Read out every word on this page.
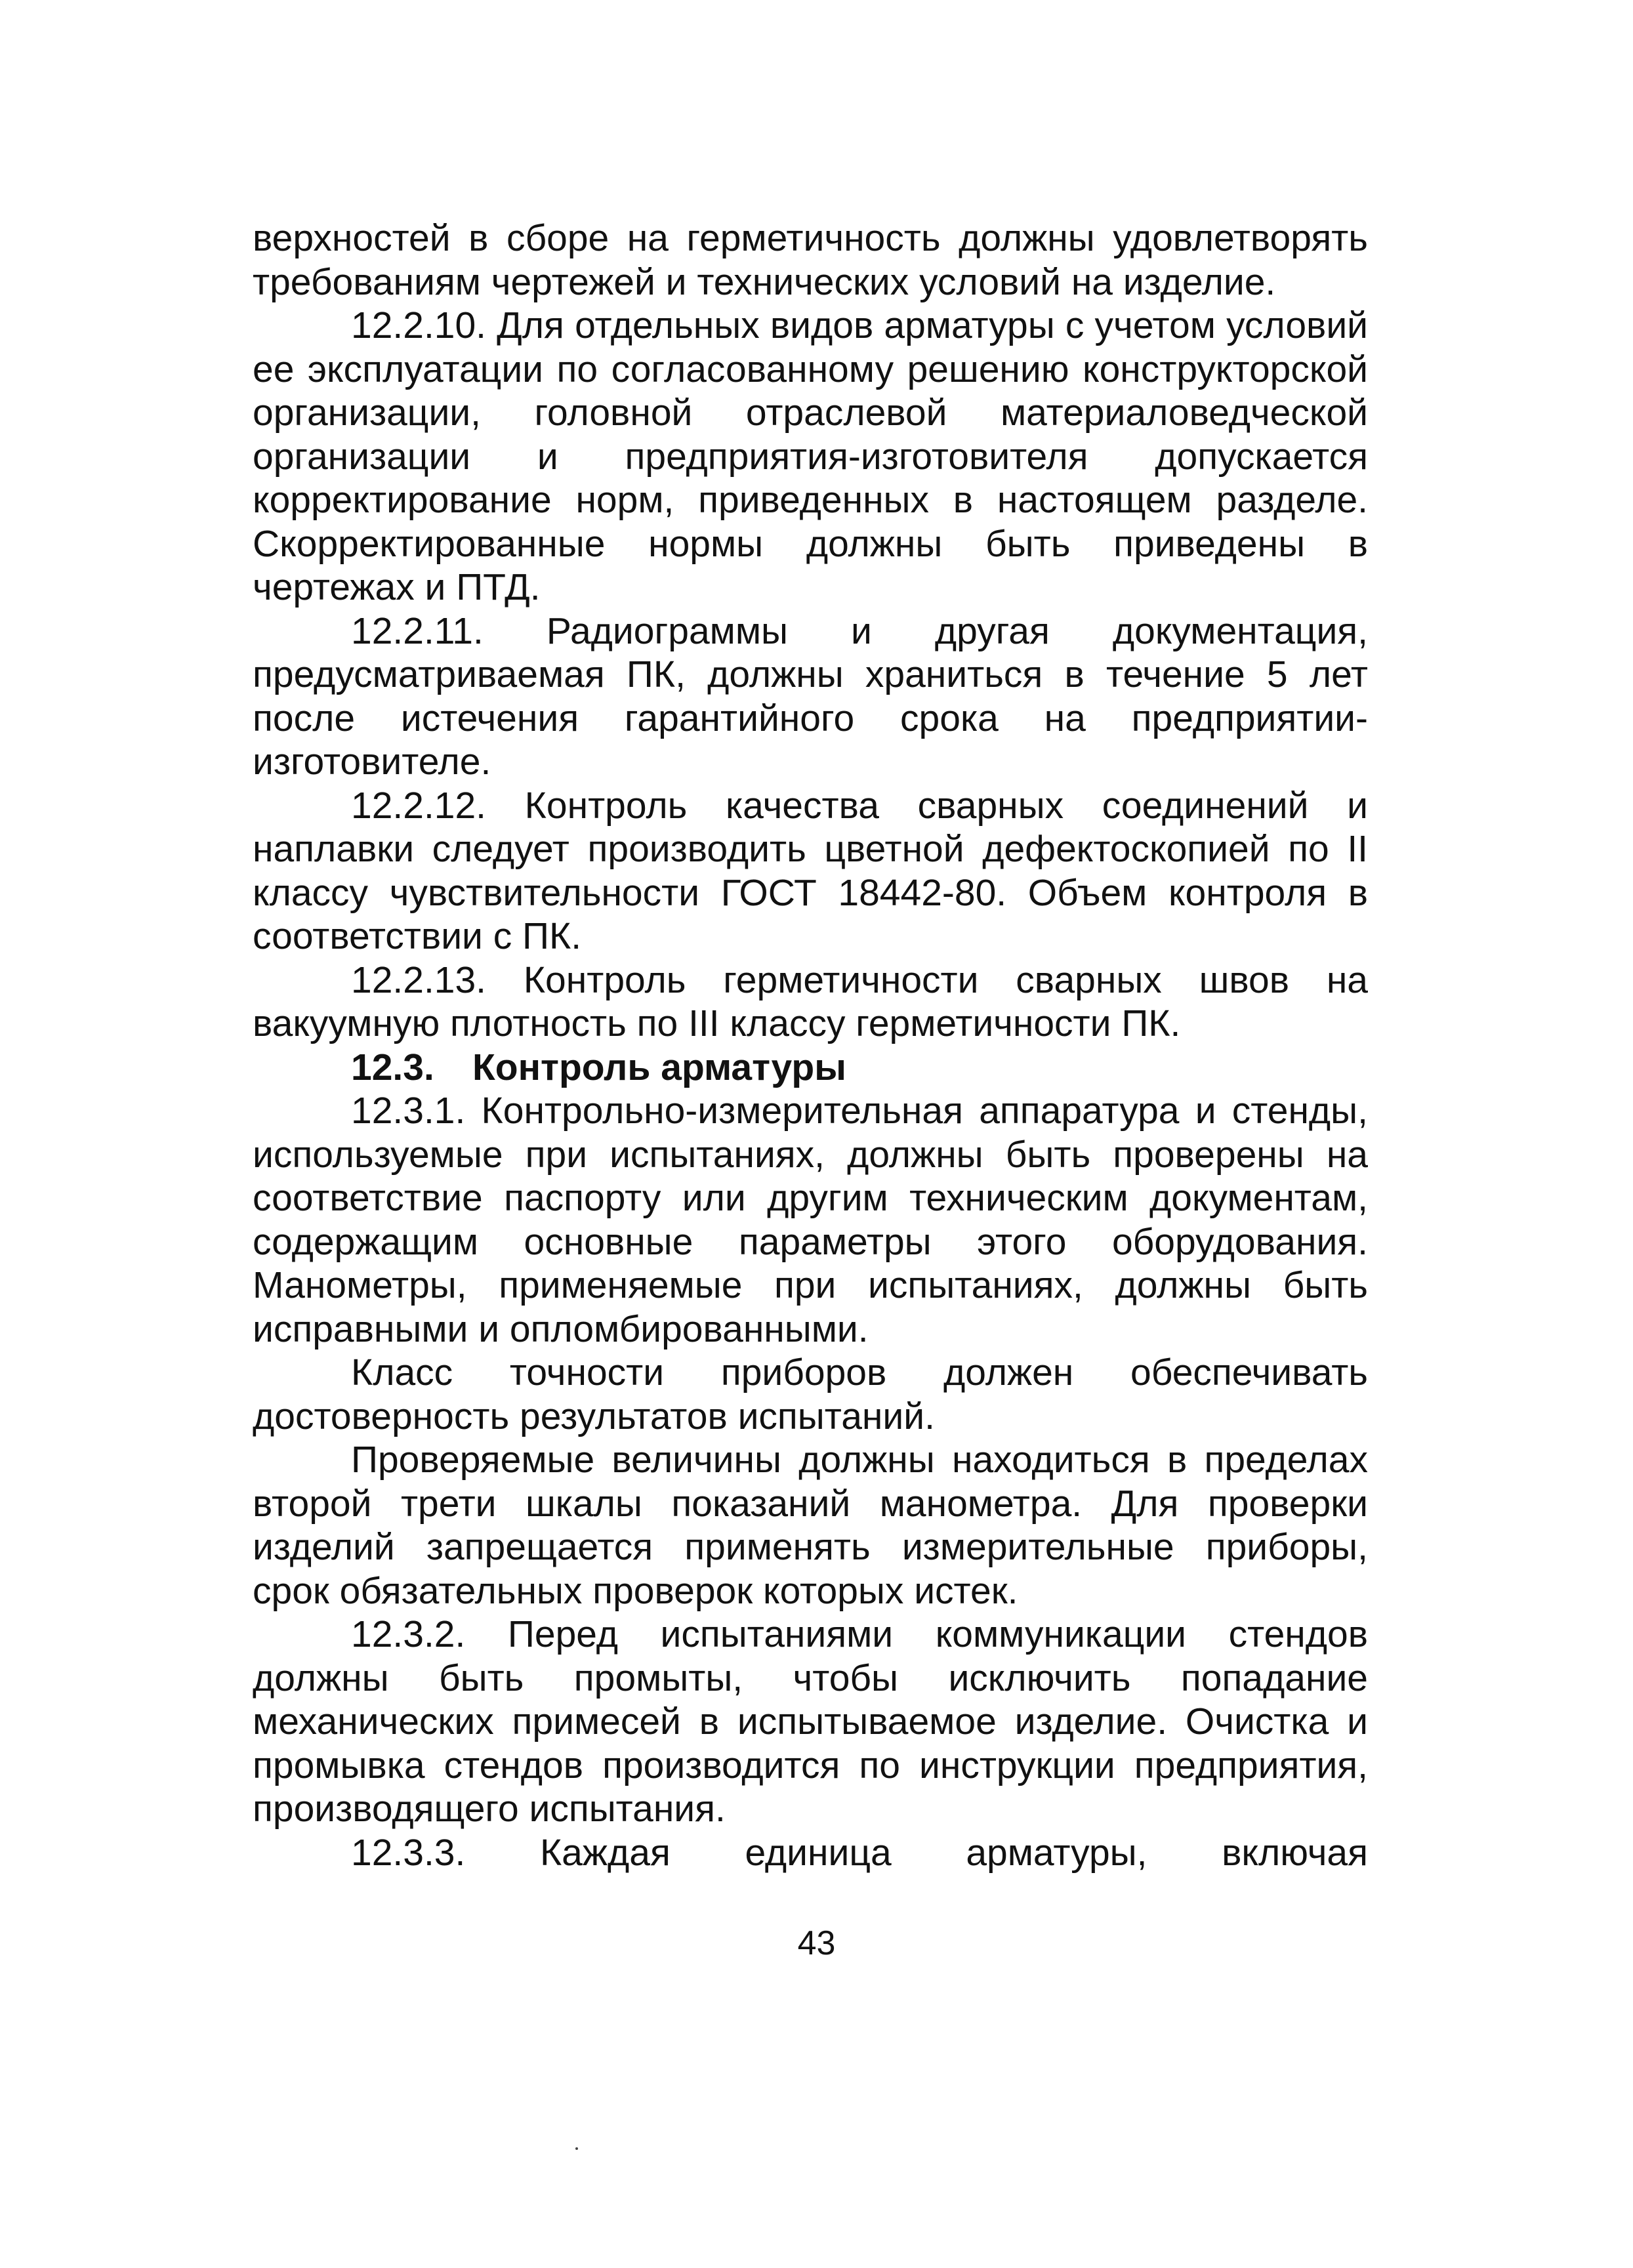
верхностей в сборе на герметичность должны удовлетворять требованиям чертежей и технических условий на изделие.

12.2.10. Для отдельных видов арматуры с учетом условий ее эксплуатации по согласованному решению конструкторской организации, головной отраслевой материаловедческой организации и предприятия-изготовителя допускается корректирование норм, приведенных в настоящем разделе. Скорректированные нормы должны быть приведены в чертежах и ПТД.

12.2.11. Радиограммы и другая документация, предусматриваемая ПК, должны храниться в течение 5 лет после истечения гарантийного срока на предприятии-изготовителе.

12.2.12. Контроль качества сварных соединений и наплавки следует производить цветной дефектоскопией по II классу чувствительности ГОСТ 18442-80. Объем контроля в соответствии с ПК.

12.2.13. Контроль герметичности сварных швов на вакуумную плотность по III классу герметичности ПК.

12.3. Контроль арматуры

12.3.1. Контрольно-измерительная аппаратура и стенды, используемые при испытаниях, должны быть проверены на соответствие паспорту или другим техническим документам, содержащим основные параметры этого оборудования. Манометры, применяемые при испытаниях, должны быть исправными и опломбированными.

Класс точности приборов должен обеспечивать достоверность результатов испытаний.

Проверяемые величины должны находиться в пределах второй трети шкалы показаний манометра. Для проверки изделий запрещается применять измерительные приборы, срок обязательных проверок которых истек.

12.3.2. Перед испытаниями коммуникации стендов должны быть промыты, чтобы исключить попадание механических примесей в испытываемое изделие. Очистка и промывка стендов производится по инструкции предприятия, производящего испытания.

12.3.3. Каждая единица арматуры, включая

43
